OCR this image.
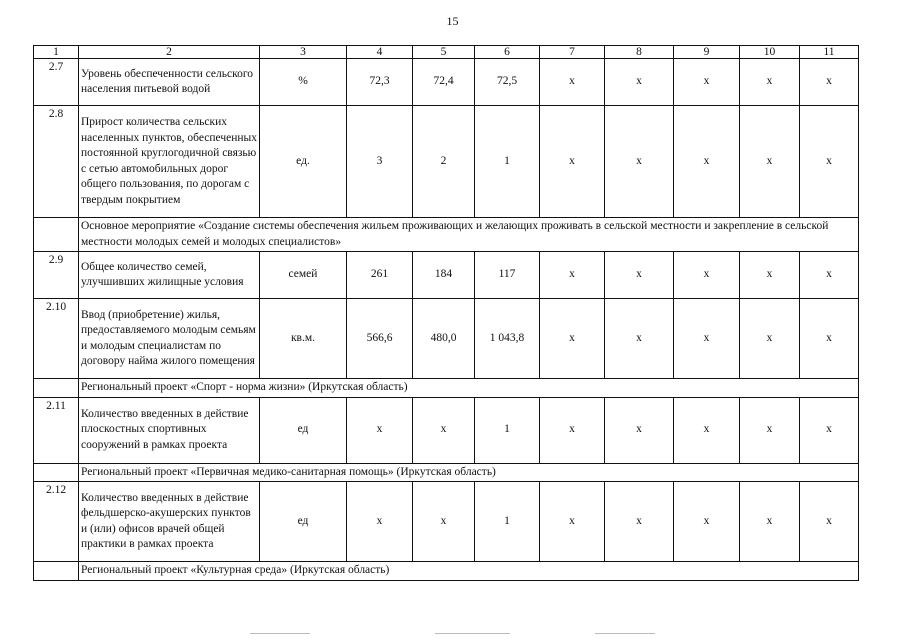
15
1	2	3	4	5	6	7	8	9	10	11
2.7	Уровень обеспеченности сельского населения питьевой водой	%	72,3	72,4	72,5	x	x	x	x	x
2.8	Прирост количества сельских населенных пунктов, обеспеченных постоянной круглогодичной связью с сетью автомобильных дорог общего пользования, по дорогам с твердым покрытием	ед.	3	2	1	x	x	x	x	x
	Основное мероприятие «Создание системы обеспечения жильем проживающих и желающих проживать в сельской местности и закрепление в сельской местности молодых семей и молодых специалистов»									
2.9	Общее количество семей, улучшивших жилищные условия	семей	261	184	117	x	x	x	x	x
2.10	Ввод (приобретение) жилья, предоставляемого молодым семьям и молодым специалистам по договору найма жилого помещения	кв.м.	566,6	480,0	1 043,8	x	x	x	x	x
	Региональный проект «Спорт - норма жизни» (Иркутская область)									
2.11	Количество введенных в действие плоскостных спортивных сооружений в рамках проекта	ед	x	x	1	x	x	x	x	x
	Региональный проект «Первичная медико-санитарная помощь» (Иркутская область)									
2.12	Количество введенных в действие фельдшерско-акушерских пунктов и (или) офисов врачей общей практики в рамках проекта	ед	x	x	1	x	x	x	x	x
	Региональный проект «Культурная среда» (Иркутская область)									
